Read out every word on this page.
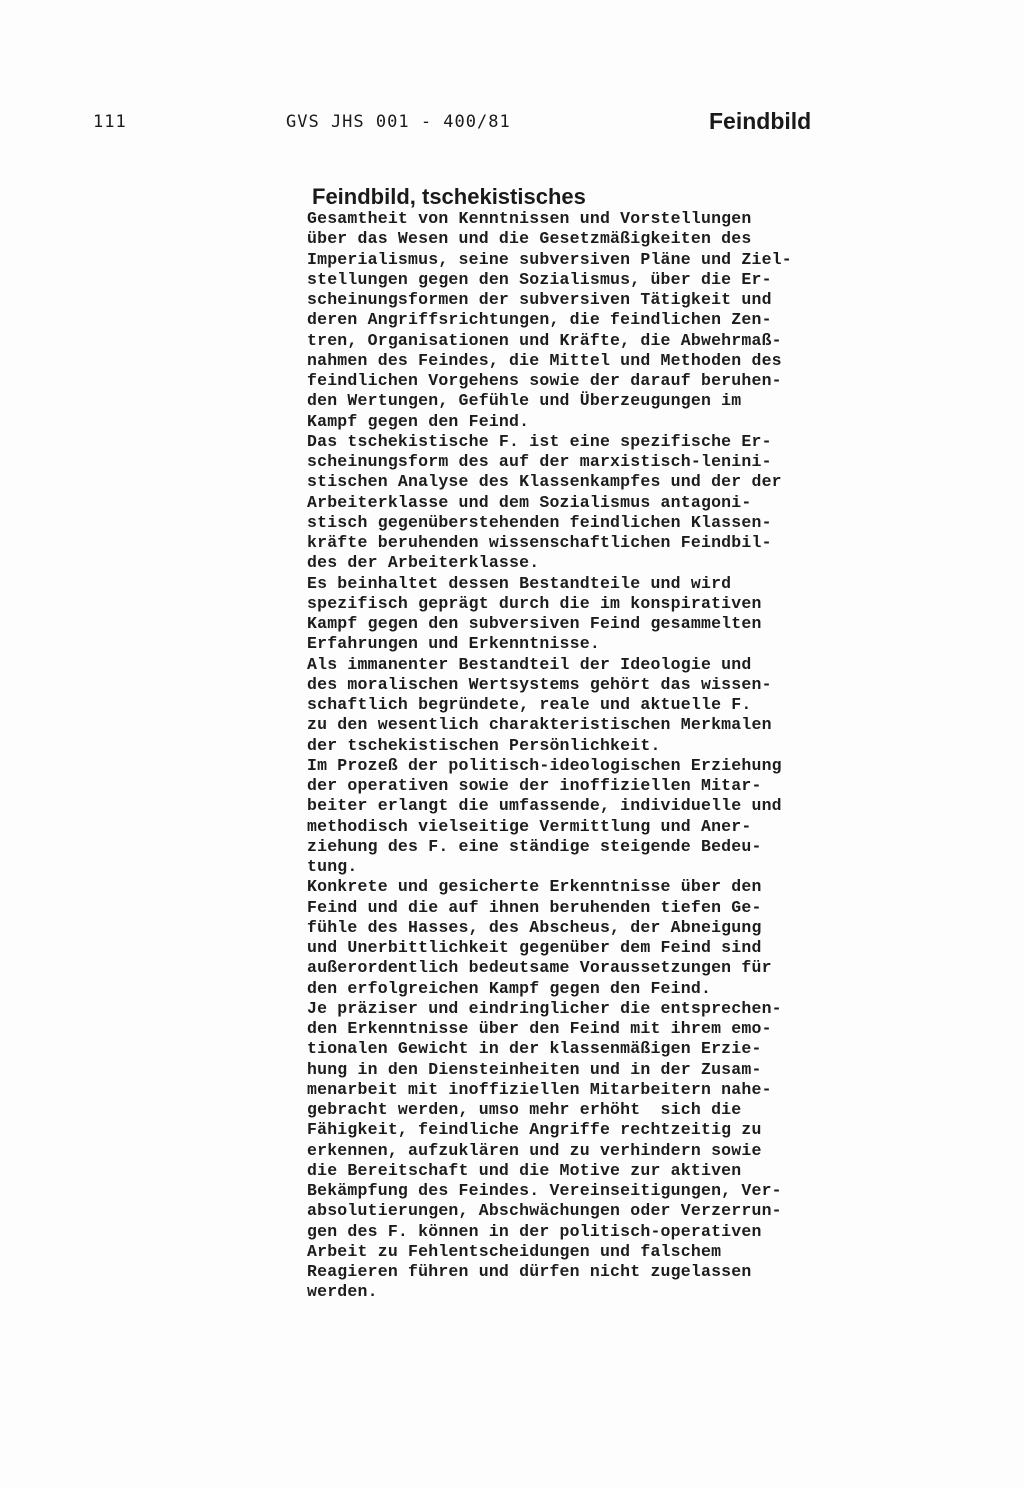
111	GVS JHS 001 - 400/81	Feindbild
Feindbild, tschekistisches
Gesamtheit von Kenntnissen und Vorstellungen
über das Wesen und die Gesetzmäßigkeiten des
Imperialismus, seine subversiven Pläne und Ziel-
stellungen gegen den Sozialismus, über die Er-
scheinungsformen der subversiven Tätigkeit und
deren Angriffsrichtungen, die feindlichen Zen-
tren, Organisationen und Kräfte, die Abwehrmaß-
nahmen des Feindes, die Mittel und Methoden des
feindlichen Vorgehens sowie der darauf beruhen-
den Wertungen, Gefühle und Überzeugungen im
Kampf gegen den Feind.
Das tschekistische F. ist eine spezifische Er-
scheinungsform des auf der marxistisch-lenini-
stischen Analyse des Klassenkampfes und der der
Arbeiterklasse und dem Sozialismus antagoni-
stisch gegenüberstehenden feindlichen Klassen-
kräfte beruhenden wissenschaftlichen Feindbil-
des der Arbeiterklasse.
Es beinhaltet dessen Bestandteile und wird
spezifisch geprägt durch die im konspirativen
Kampf gegen den subversiven Feind gesammelten
Erfahrungen und Erkenntnisse.
Als immanenter Bestandteil der Ideologie und
des moralischen Wertsystems gehört das wissen-
schaftlich begründete, reale und aktuelle F.
zu den wesentlich charakteristischen Merkmalen
der tschekistischen Persönlichkeit.
Im Prozeß der politisch-ideologischen Erziehung
der operativen sowie der inoffiziellen Mitar-
beiter erlangt die umfassende, individuelle und
methodisch vielseitige Vermittlung und Aner-
ziehung des F. eine ständige steigende Bedeu-
tung.
Konkrete und gesicherte Erkenntnisse über den
Feind und die auf ihnen beruhenden tiefen Ge-
fühle des Hasses, des Abscheus, der Abneigung
und Unerbittlichkeit gegenüber dem Feind sind
außerordentlich bedeutsame Voraussetzungen für
den erfolgreichen Kampf gegen den Feind.
Je präziser und eindringlicher die entsprechen-
den Erkenntnisse über den Feind mit ihrem emo-
tionalen Gewicht in der klassenmäßigen Erzie-
hung in den Diensteinheiten und in der Zusam-
menarbeit mit inoffiziellen Mitarbeitern nahe-
gebracht werden, umso mehr erhöht  sich die
Fähigkeit, feindliche Angriffe rechtzeitig zu
erkennen, aufzuklären und zu verhindern sowie
die Bereitschaft und die Motive zur aktiven
Bekämpfung des Feindes. Vereinseitigungen, Ver-
absolutierungen, Abschwächungen oder Verzerrun-
gen des F. können in der politisch-operativen
Arbeit zu Fehlentscheidungen und falschem
Reagieren führen und dürfen nicht zugelassen
werden.
